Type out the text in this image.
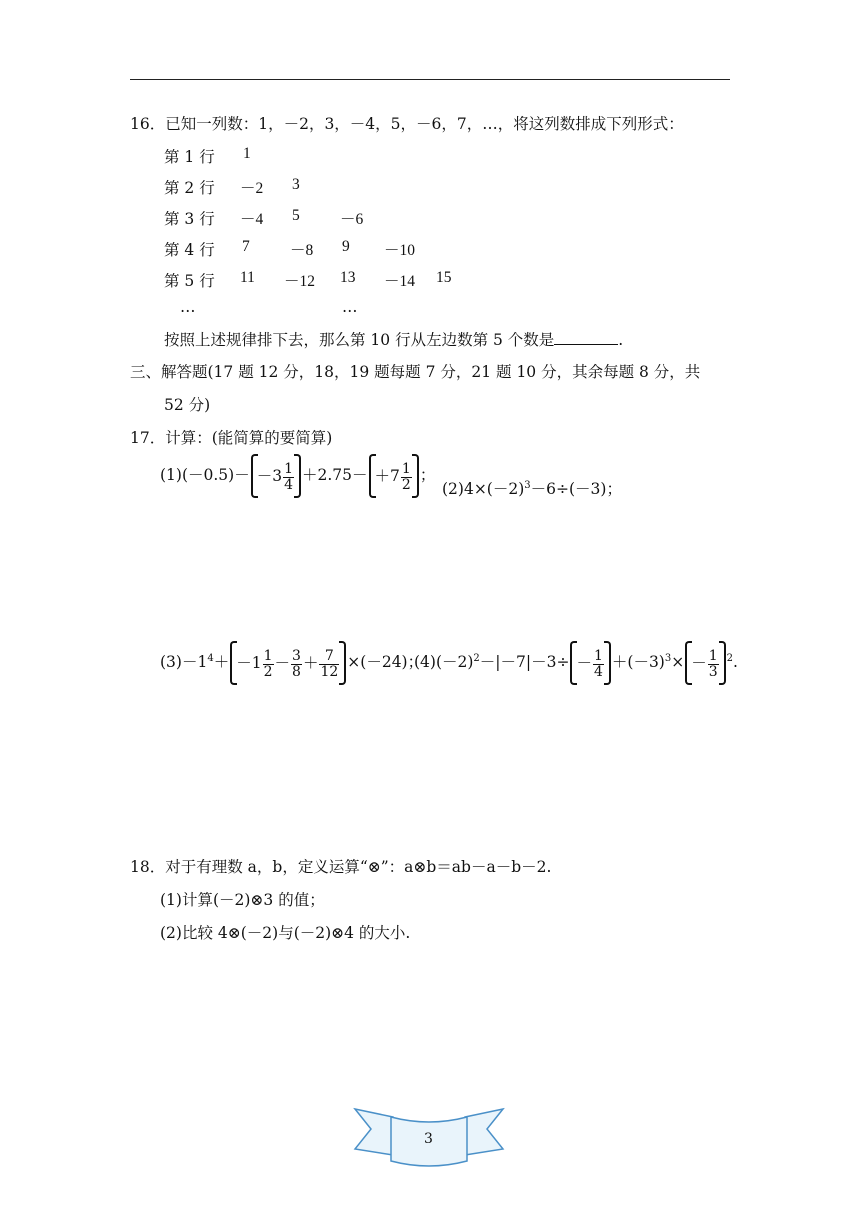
16．已知一列数：1，－2，3，－4，5，－6，7，…，将这列数排成下列形式：
第 1 行 1
第 2 行 －2 3
第 3 行 －4 5	－6
第 4 行 7	－8 9 －10
第 5 行 11 －12 13 －14 15
…	…
按照上述规律排下去，那么第 10 行从左边数第 5 个数是	.
三、解答题(17 题 12 分，18，19 题每题 7 分，21 题 10 分，其余每题 8 分，共
52 分)
17．计算：(能简算的要简算)
$(1)(-0.5)- -3 \frac{1}{4} +2.75- +7 \frac{1}{2}$ ；
$(2)4\times(-2)^3-6\div(-3)$；
$(3)-1^4+ -1 \frac{1}{2} - \frac{3}{8} + \frac{7}{12} \times(-24)$；
$(4)(-2)^2-|-7|-3\div - \frac{1}{4} +(-3)^3\times - \frac{1}{3} ^2$.
18．对于有理数 a，b，定义运算“⊗”：a⊗b＝ab－a－b－2.
(1)计算(－2)⊗3 的值；
(2)比较 4⊗(－2)与(－2)⊗4 的大小.
3
